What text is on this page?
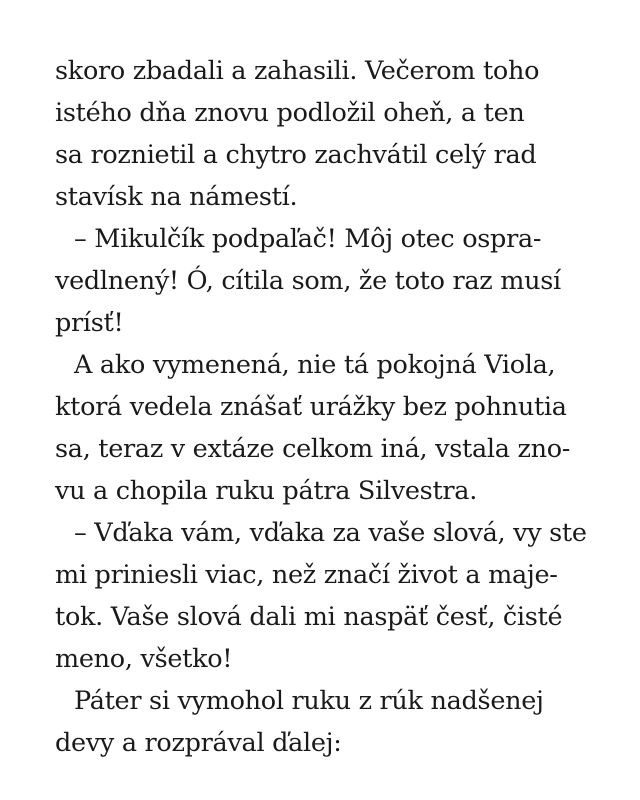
skoro zbadali a zahasili. Večerom toho
istého dňa znovu podložil oheň, a ten
sa roznietil a chytro zachvátil celý rad
stavísk na námestí.
– Mikulčík podpaľač! Môj otec ospra-
vedlnený! Ó, cítila som, že toto raz musí
prísť!
A ako vymenená, nie tá pokojná Viola,
ktorá vedela znášať urážky bez pohnutia
sa, teraz v extáze celkom iná, vstala zno-
vu a chopila ruku pátra Silvestra.
– Vďaka vám, vďaka za vaše slová, vy ste
mi priniesli viac, než značí život a maje-
tok. Vaše slová dali mi naspäť česť, čisté
meno, všetko!
Páter si vymohol ruku z rúk nadšenej
devy a rozprával ďalej:
